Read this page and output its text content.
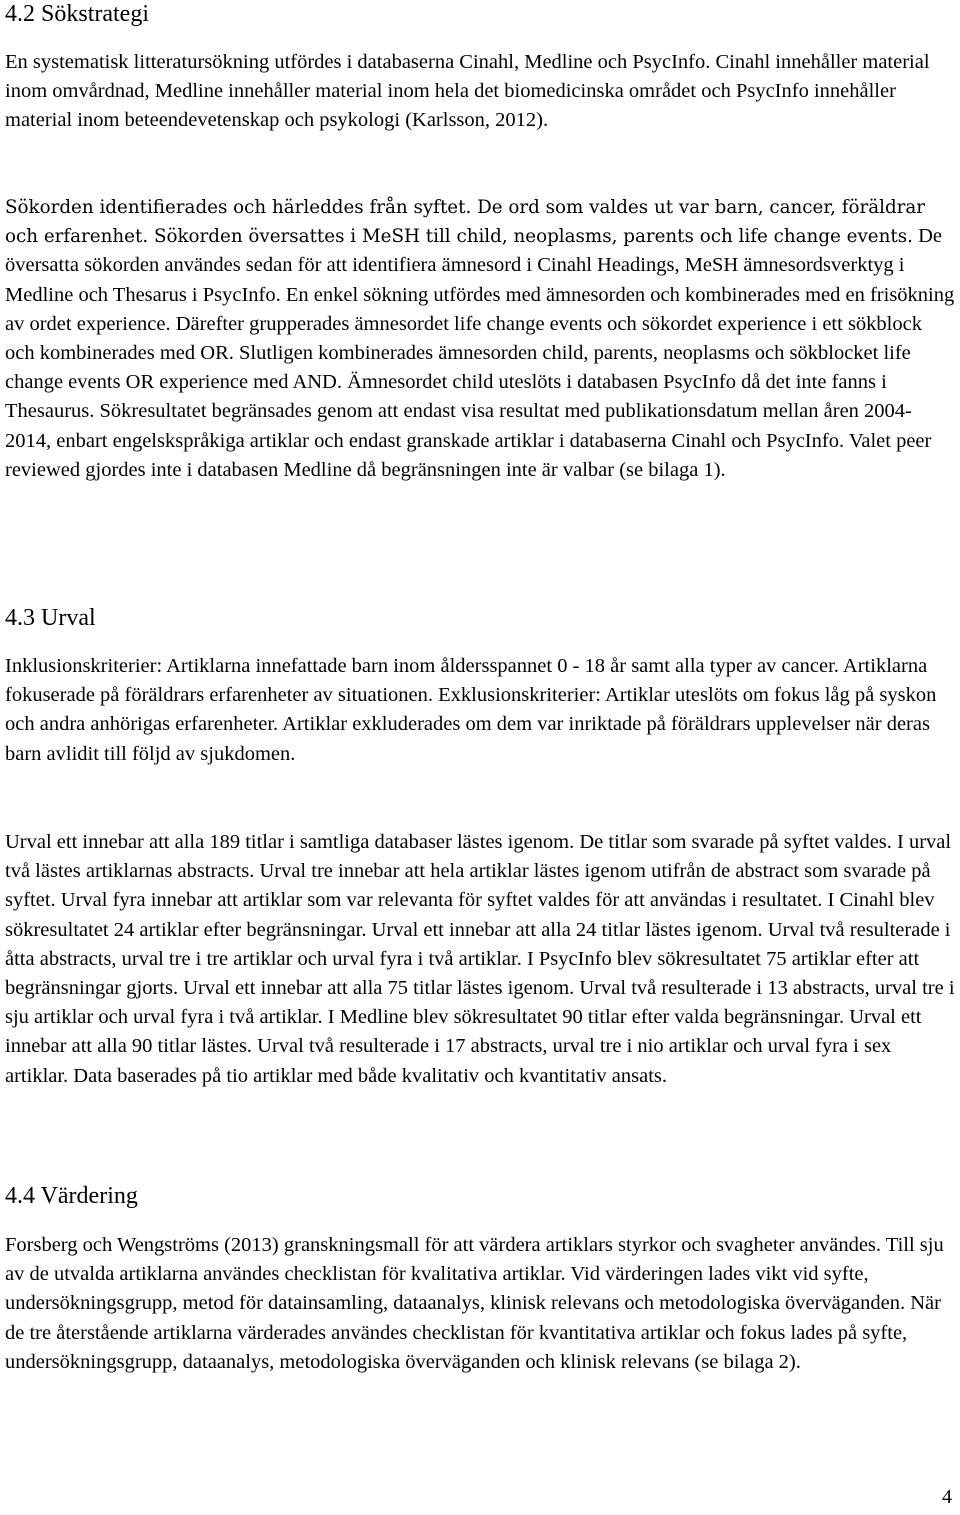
4.2 Sökstrategi

En systematisk litteratursökning utfördes i databaserna Cinahl, Medline och PsycInfo. Cinahl innehåller material inom omvårdnad, Medline innehåller material inom hela det biomedicinska området och PsycInfo innehåller material inom beteendevetenskap och psykologi (Karlsson, 2012).

Sökorden identifierades och härleddes från syftet. De ord som valdes ut var barn, cancer, föräldrar och erfarenhet. Sökorden översattes i MeSH till child, neoplasms, parents och life change events. De översatta sökorden användes sedan för att identifiera ämnesord i Cinahl Headings, MeSH ämnesordsverktyg i Medline och Thesarus i PsycInfo. En enkel sökning utfördes med ämnesorden och kombinerades med en frisökning av ordet experience. Därefter grupperades ämnesordet life change events och sökordet experience i ett sökblock och kombinerades med OR. Slutligen kombinerades ämnesorden child, parents, neoplasms och sökblocket life change events OR experience med AND. Ämnesordet child uteslöts i databasen PsycInfo då det inte fanns i Thesaurus. Sökresultatet begränsades genom att endast visa resultat med publikationsdatum mellan åren 2004-2014, enbart engelskspråkiga artiklar och endast granskade artiklar i databaserna Cinahl och PsycInfo. Valet peer reviewed gjordes inte i databasen Medline då begränsningen inte är valbar (se bilaga 1).

4.3 Urval

Inklusionskriterier: Artiklarna innefattade barn inom åldersspannet 0 - 18 år samt alla typer av cancer. Artiklarna fokuserade på föräldrars erfarenheter av situationen. Exklusionskriterier: Artiklar uteslöts om fokus låg på syskon och andra anhörigas erfarenheter. Artiklar exkluderades om dem var inriktade på föräldrars upplevelser när deras barn avlidit till följd av sjukdomen.

Urval ett innebar att alla 189 titlar i samtliga databaser lästes igenom. De titlar som svarade på syftet valdes. I urval två lästes artiklarnas abstracts. Urval tre innebar att hela artiklar lästes igenom utifrån de abstract som svarade på syftet. Urval fyra innebar att artiklar som var relevanta för syftet valdes för att användas i resultatet. I Cinahl blev sökresultatet 24 artiklar efter begränsningar. Urval ett innebar att alla 24 titlar lästes igenom. Urval två resulterade i åtta abstracts, urval tre i tre artiklar och urval fyra i två artiklar. I PsycInfo blev sökresultatet 75 artiklar efter att begränsningar gjorts. Urval ett innebar att alla 75 titlar lästes igenom. Urval två resulterade i 13 abstracts, urval tre i sju artiklar och urval fyra i två artiklar. I Medline blev sökresultatet 90 titlar efter valda begränsningar. Urval ett innebar att alla 90 titlar lästes. Urval två resulterade i 17 abstracts, urval tre i nio artiklar och urval fyra i sex artiklar. Data baserades på tio artiklar med både kvalitativ och kvantitativ ansats.

4.4 Värdering

Forsberg och Wengströms (2013) granskningsmall för att värdera artiklars styrkor och svagheter användes. Till sju av de utvalda artiklarna användes checklistan för kvalitativa artiklar. Vid värderingen lades vikt vid syfte, undersökningsgrupp, metod för datainsamling, dataanalys, klinisk relevans och metodologiska överväganden. När de tre återstående artiklarna värderades användes checklistan för kvantitativa artiklar och fokus lades på syfte, undersökningsgrupp, dataanalys, metodologiska överväganden och klinisk relevans (se bilaga 2).

4
